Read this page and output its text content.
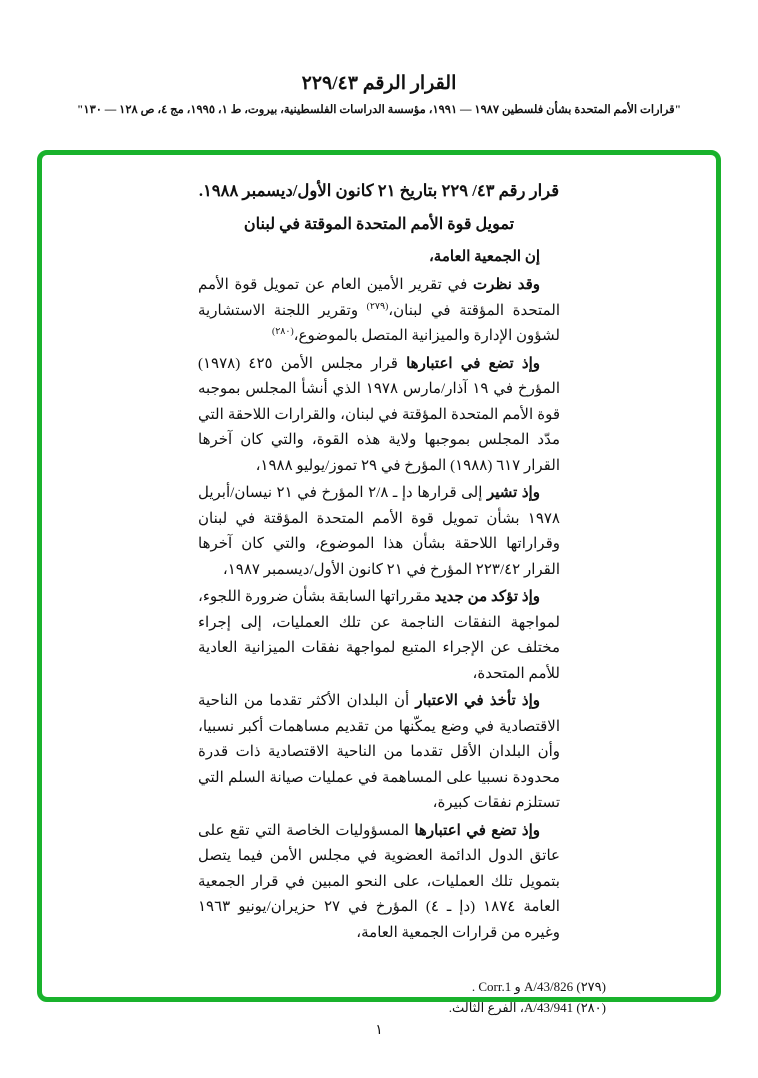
القرار الرقم ٢٢٩/٤٣

"قرارات الأمم المتحدة بشأن فلسطين ١٩٨٧ — ١٩٩١، مؤسسة الدراسات الفلسطينية، بيروت، ط ١، ١٩٩٥، مج ٤، ص ١٢٨ — ١٣٠"

قرار رقم ٤٣/ ٢٢٩ بتاريخ ٢١ كانون الأول/ديسمبر ١٩٨٨.

تمويل قوة الأمم المتحدة الموقتة في لبنان

إن الجمعية العامة،

وقد نظرت في تقرير الأمين العام عن تمويل قوة الأمم المتحدة المؤقتة في لبنان،$^{(٢٧٩)}$ وتقرير اللجنة الاستشارية لشؤون الإدارة والميزانية المتصل بالموضوع،$^{(٢٨٠)}$

وإذ تضع في اعتبارها قرار مجلس الأمن ٤٢٥ (١٩٧٨) المؤرخ في ١٩ آذار/مارس ١٩٧٨ الذي أنشأ المجلس بموجبه قوة الأمم المتحدة المؤقتة في لبنان، والقرارات اللاحقة التي مدّد المجلس بموجبها ولاية هذه القوة، والتي كان آخرها القرار ٦١٧ (١٩٨٨) المؤرخ في ٢٩ تموز/يوليو ١٩٨٨،

وإذ تشير إلى قرارها دإ ـ ٢/٨ المؤرخ في ٢١ نيسان/أبريل ١٩٧٨ بشأن تمويل قوة الأمم المتحدة المؤقتة في لبنان وقراراتها اللاحقة بشأن هذا الموضوع، والتي كان آخرها القرار ٢٢٣/٤٢ المؤرخ في ٢١ كانون الأول/ديسمبر ١٩٨٧،

وإذ تؤكد من جديد مقرراتها السابقة بشأن ضرورة اللجوء، لمواجهة النفقات الناجمة عن تلك العمليات، إلى إجراء مختلف عن الإجراء المتبع لمواجهة نفقات الميزانية العادية للأمم المتحدة،

وإذ تأخذ في الاعتبار أن البلدان الأكثر تقدما من الناحية الاقتصادية في وضع يمكّنها من تقديم مساهمات أكبر نسبيا، وأن البلدان الأقل تقدما من الناحية الاقتصادية ذات قدرة محدودة نسبيا على المساهمة في عمليات صيانة السلم التي تستلزم نفقات كبيرة،

وإذ تضع في اعتبارها المسؤوليات الخاصة التي تقع على عاتق الدول الدائمة العضوية في مجلس الأمن فيما يتصل بتمويل تلك العمليات، على النحو المبين في قرار الجمعية العامة ١٨٧٤ (دإ ـ ٤) المؤرخ في ٢٧ حزيران/يونيو ١٩٦٣ وغيره من قرارات الجمعية العامة،

(٢٧٩) A/43/826 و Corr.1 .

(٢٨٠) A/43/941، الفرع الثالث.

١
